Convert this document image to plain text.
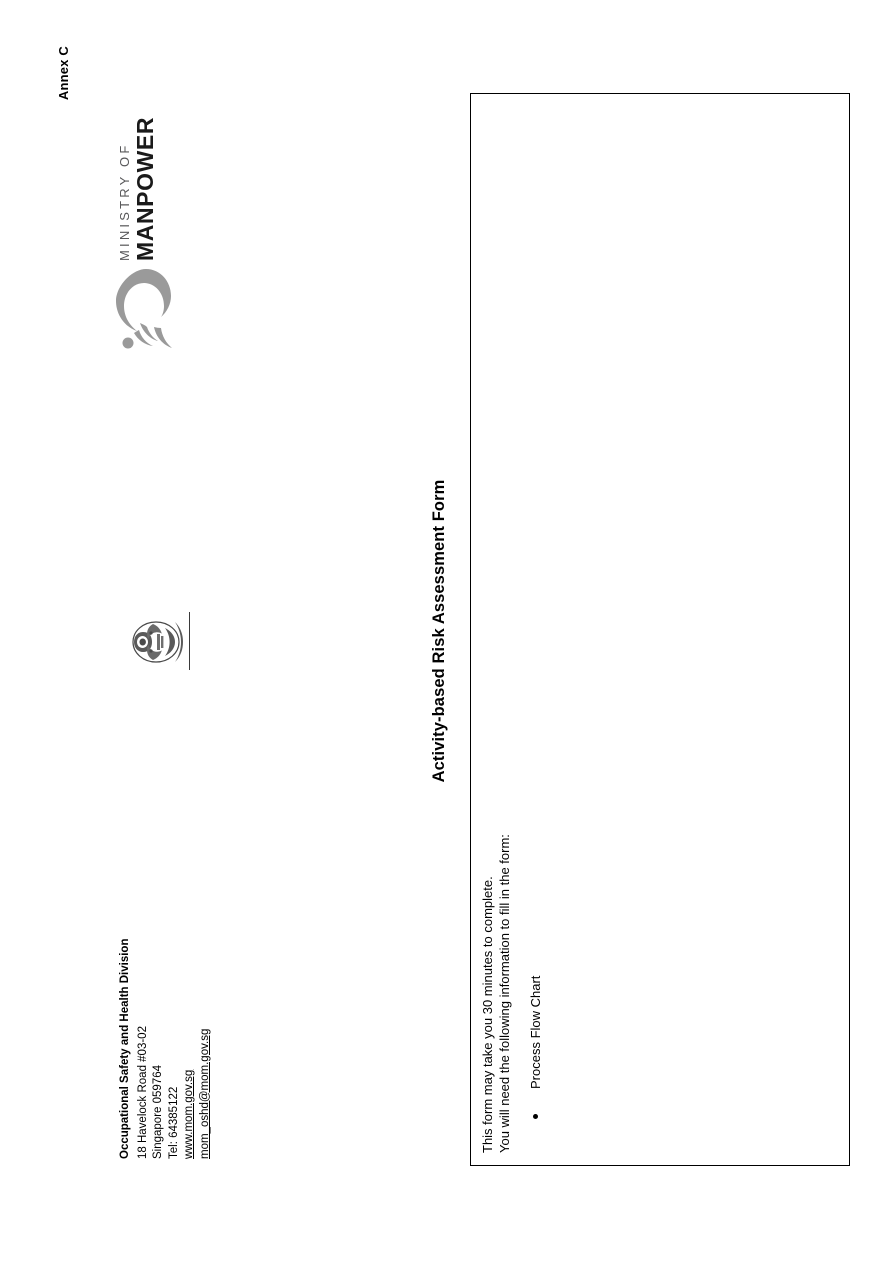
Annex C
Occupational Safety and Health Division
18 Havelock Road #03-02 Singapore 059764 Tel: 64385122 www.mom.gov.sg mom_oshd@mom.gov.sg
MINISTRY OF MANPOWER
Activity-based Risk Assessment Form
This form may take you 30 minutes to complete. You will need the following information to fill in the form: Process Flow Chart
